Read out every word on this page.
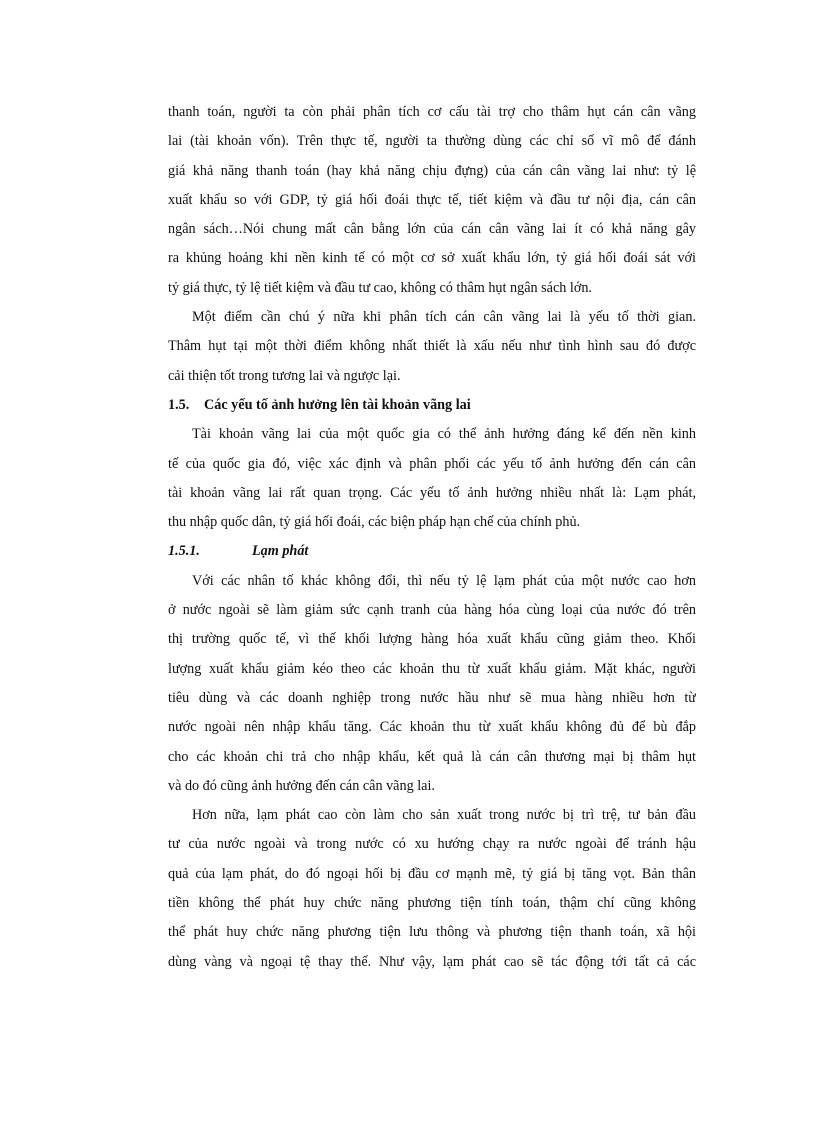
thanh toán, người ta còn phải phân tích cơ cấu tài trợ cho thâm hụt cán cân vãng
lai (tài khoản vốn). Trên thực tế, người ta thường dùng các chỉ số vĩ mô để đánh
giá khả năng thanh toán (hay khả năng chịu đựng) của cán cân vãng lai như: tỷ lệ
xuất khẩu so với GDP, tỷ giá hối đoái thực tế, tiết kiệm và đầu tư nội địa, cán cân
ngân sách…Nói chung mất cân bằng lớn của cán cân vãng lai ít có khả năng gây
ra khủng hoảng khi nền kinh tế có một cơ sở xuất khẩu lớn, tỷ giá hối đoái sát với
tỷ giá thực, tỷ lệ tiết kiệm và đầu tư cao, không có thâm hụt ngân sách lớn.
Một điểm cần chú ý nữa khi phân tích cán cân vãng lai là yếu tố thời gian.
Thâm hụt tại một thời điểm không nhất thiết là xấu nếu như tình hình sau đó được
cải thiện tốt trong tương lai và ngược lại.
1.5. Các yếu tố ảnh hưởng lên tài khoản vãng lai
Tài khoản vãng lai của một quốc gia có thể ảnh hưởng đáng kể đến nền kinh
tế của quốc gia đó, việc xác định và phân phối các yếu tố ảnh hưởng đến cán cân
tài khoản vãng lai rất quan trọng. Các yếu tố ảnh hưởng nhiều nhất là: Lạm phát,
thu nhập quốc dân, tỷ giá hối đoái, các biện pháp hạn chế của chính phủ.
1.5.1.	Lạm phát
Với các nhân tố khác không đổi, thì nếu tỷ lệ lạm phát của một nước cao hơn
ở nước ngoài sẽ làm giảm sức cạnh tranh của hàng hóa cùng loại của nước đó trên
thị trường quốc tế, vì thế khối lượng hàng hóa xuất khẩu cũng giảm theo. Khối
lượng xuất khẩu giảm kéo theo các khoản thu từ xuất khẩu giảm. Mặt khác, người
tiêu dùng và các doanh nghiệp trong nước hầu như sẽ mua hàng nhiều hơn từ
nước ngoài nên nhập khẩu tăng. Các khoản thu từ xuất khẩu không đủ để bù đắp
cho các khoản chi trả cho nhập khẩu, kết quả là cán cân thương mại bị thâm hụt
và do đó cũng ảnh hưởng đến cán cân vãng lai.
Hơn nữa, lạm phát cao còn làm cho sản xuất trong nước bị trì trệ, tư bản đầu
tư của nước ngoài và trong nước có xu hướng chạy ra nước ngoài để tránh hậu
quả của lạm phát, do đó ngoại hối bị đầu cơ mạnh mẽ, tỷ giá bị tăng vọt. Bản thân
tiền không thể phát huy chức năng phương tiện tính toán, thậm chí cũng không
thể phát huy chức năng phương tiện lưu thông và phương tiện thanh toán, xã hội
dùng vàng và ngoại tệ thay thế. Như vậy, lạm phát cao sẽ tác động tới tất cả các
